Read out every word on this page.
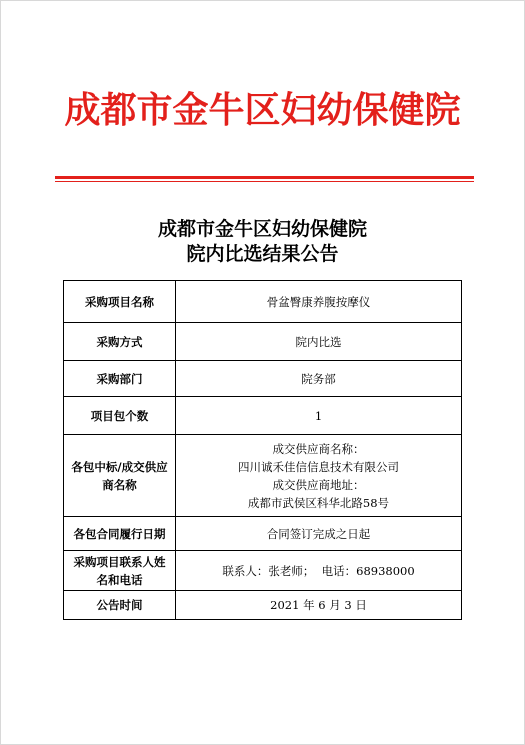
成都市金牛区妇幼保健院
成都市金牛区妇幼保健院
院内比选结果公告
采购项目名称	骨盆臀康养腹按摩仪
采购方式	院内比选
采购部门	院务部
项目包个数	1
各包中标/成交供应商名称	成交供应商名称：
四川诚禾佳信信息技术有限公司
成交供应商地址：
成都市武侯区科华北路58号

各包合同履行日期	合同签订完成之日起
采购项目联系人姓名和电话	联系人：张老师；  电话：68938000
公告时间	2021 年 6 月 3 日
